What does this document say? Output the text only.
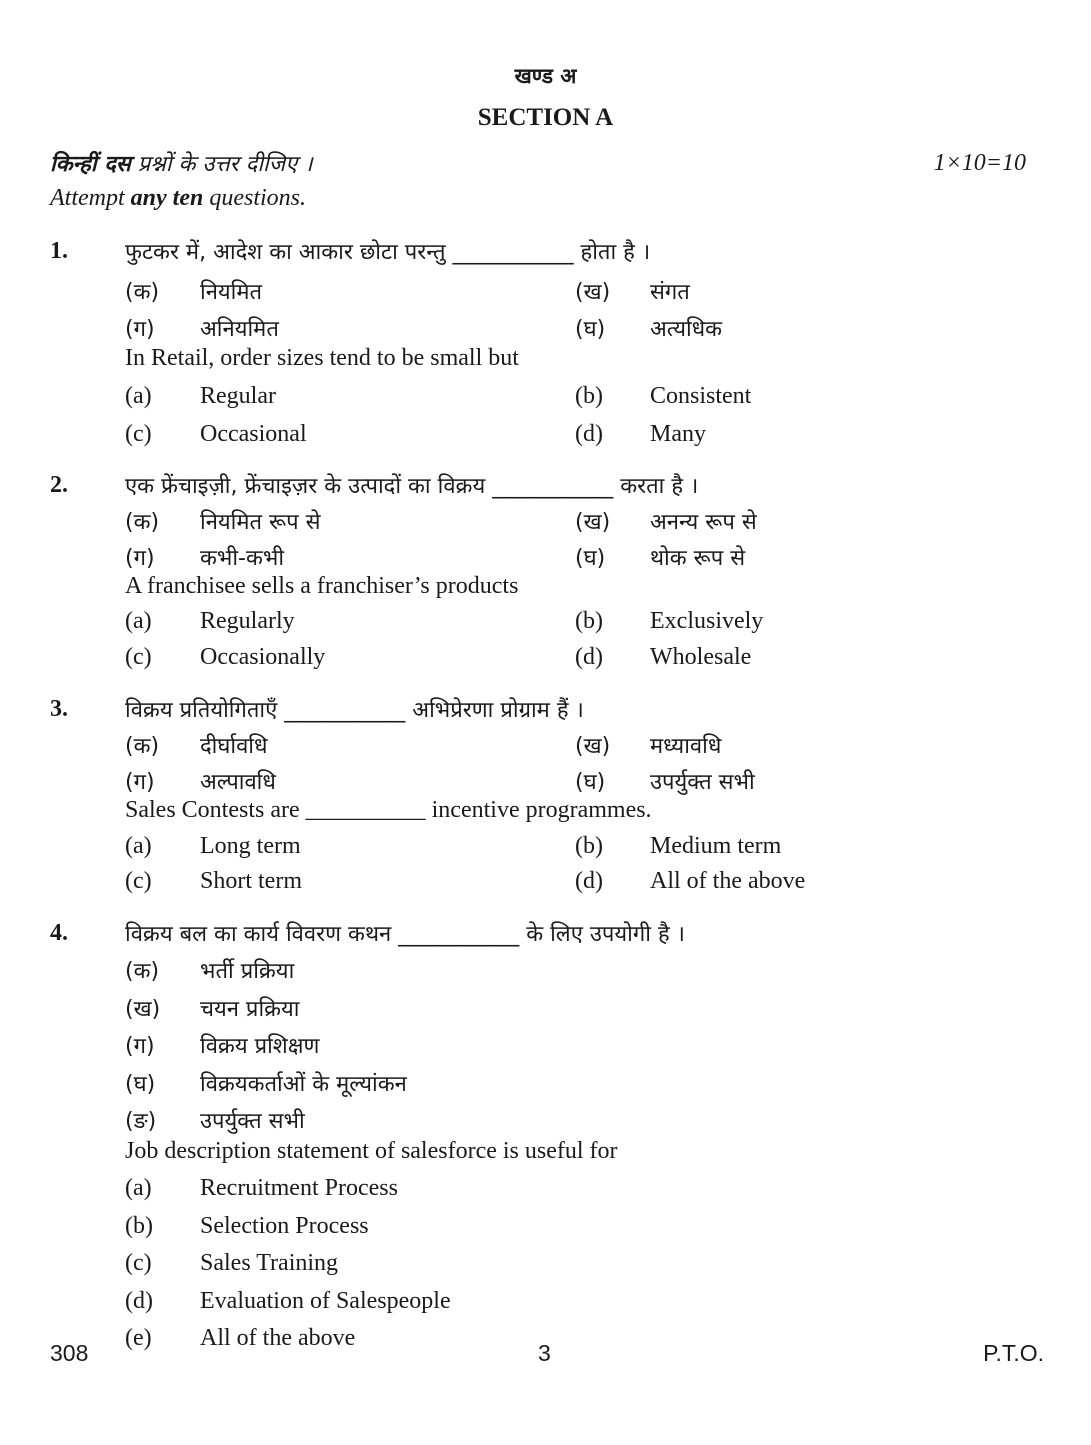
खण्ड अ
SECTION A
किन्हीं दस प्रश्नों के उत्तर दीजिए ।	1×10=10
Attempt any ten questions.
1.	फुटकर में, आदेश का आकार छोटा परन्तु ___________ होता है ।
(क) नियमित	(ख) संगत
(ग) अनियमित	(घ) अत्यधिक
In Retail, order sizes tend to be small but
(a) Regular	(b) Consistent
(c) Occasional	(d) Many
2.	एक फ्रेंचाइज़ी, फ्रेंचाइज़र के उत्पादों का विक्रय ___________ करता है ।
(क) नियमित रूप से	(ख) अनन्य रूप से
(ग) कभी-कभी	(घ) थोक रूप से
A franchisee sells a franchiser’s products
(a) Regularly	(b) Exclusively
(c) Occasionally	(d) Wholesale
3.	विक्रय प्रतियोगिताएँ ___________ अभिप्रेरणा प्रोग्राम हैं ।
(क) दीर्घावधि	(ख) मध्यावधि
(ग) अल्पावधि	(घ) उपर्युक्त सभी
Sales Contests are __________ incentive programmes.
(a) Long term	(b) Medium term
(c) Short term	(d) All of the above
4.	विक्रय बल का कार्य विवरण कथन ___________ के लिए उपयोगी है ।
(क) भर्ती प्रक्रिया
(ख) चयन प्रक्रिया
(ग) विक्रय प्रशिक्षण
(घ) विक्रयकर्ताओं के मूल्यांकन
(ङ) उपर्युक्त सभी
Job description statement of salesforce is useful for
(a) Recruitment Process
(b) Selection Process
(c) Sales Training
(d) Evaluation of Salespeople
(e) All of the above
308	3	P.T.O.
